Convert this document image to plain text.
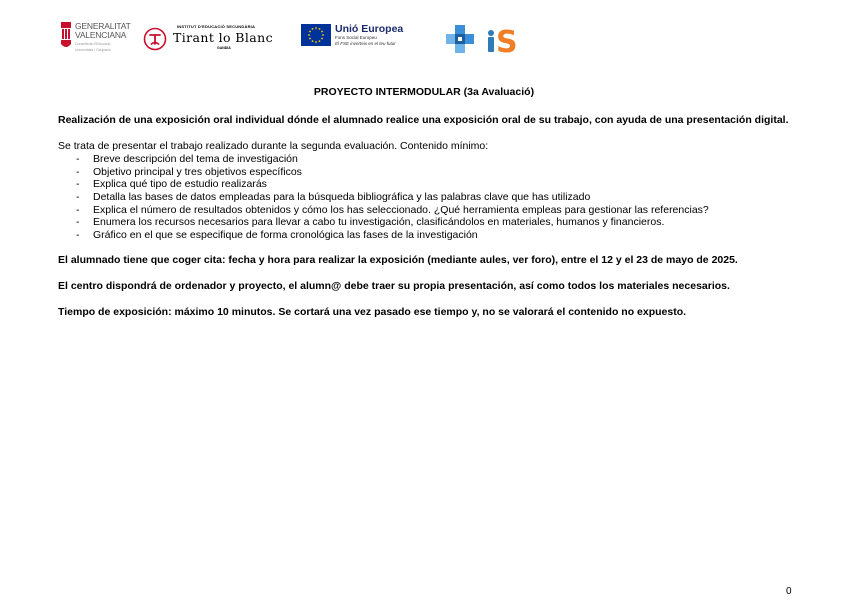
GENERALITAT
VALENCIANA
Conselleria d'Educació,
Universitats i Ocupació
INSTITUT D'EDUCACIÓ SECUNDÀRIA
Tirant lo Blanc
GANDIA
Unió Europea
Fons Social Europeu
El FSE inverteix en el teu futur	S
PROYECTO INTERMODULAR (3a Avaluació)

Realización de una exposición oral individual dónde el alumnado realice una exposición oral de su trabajo, con ayuda de una presentación digital.

Se trata de presentar el trabajo realizado durante la segunda evaluación. Contenido mínimo:

- Breve descripción del tema de investigación
- Objetivo principal y tres objetivos específicos
- Explica qué tipo de estudio realizarás
- Detalla las bases de datos empleadas para la búsqueda bibliográfica y las palabras clave que has utilizado
- Explica el número de resultados obtenidos y cómo los has seleccionado. ¿Qué herramienta empleas para gestionar las referencias?
- Enumera los recursos necesarios para llevar a cabo tu investigación, clasificándolos en materiales, humanos y financieros.
- Gráfico en el que se especifique de forma cronológica las fases de la investigación

El alumnado tiene que coger cita: fecha y hora para realizar la exposición (mediante aules, ver foro), entre el 12 y el 23 de mayo de 2025.

El centro dispondrá de ordenador y proyecto, el alumn@ debe traer su propia presentación, así como todos los materiales necesarios.

Tiempo de exposición: máximo 10 minutos. Se cortará una vez pasado ese tiempo y, no se valorará el contenido no expuesto.

0
